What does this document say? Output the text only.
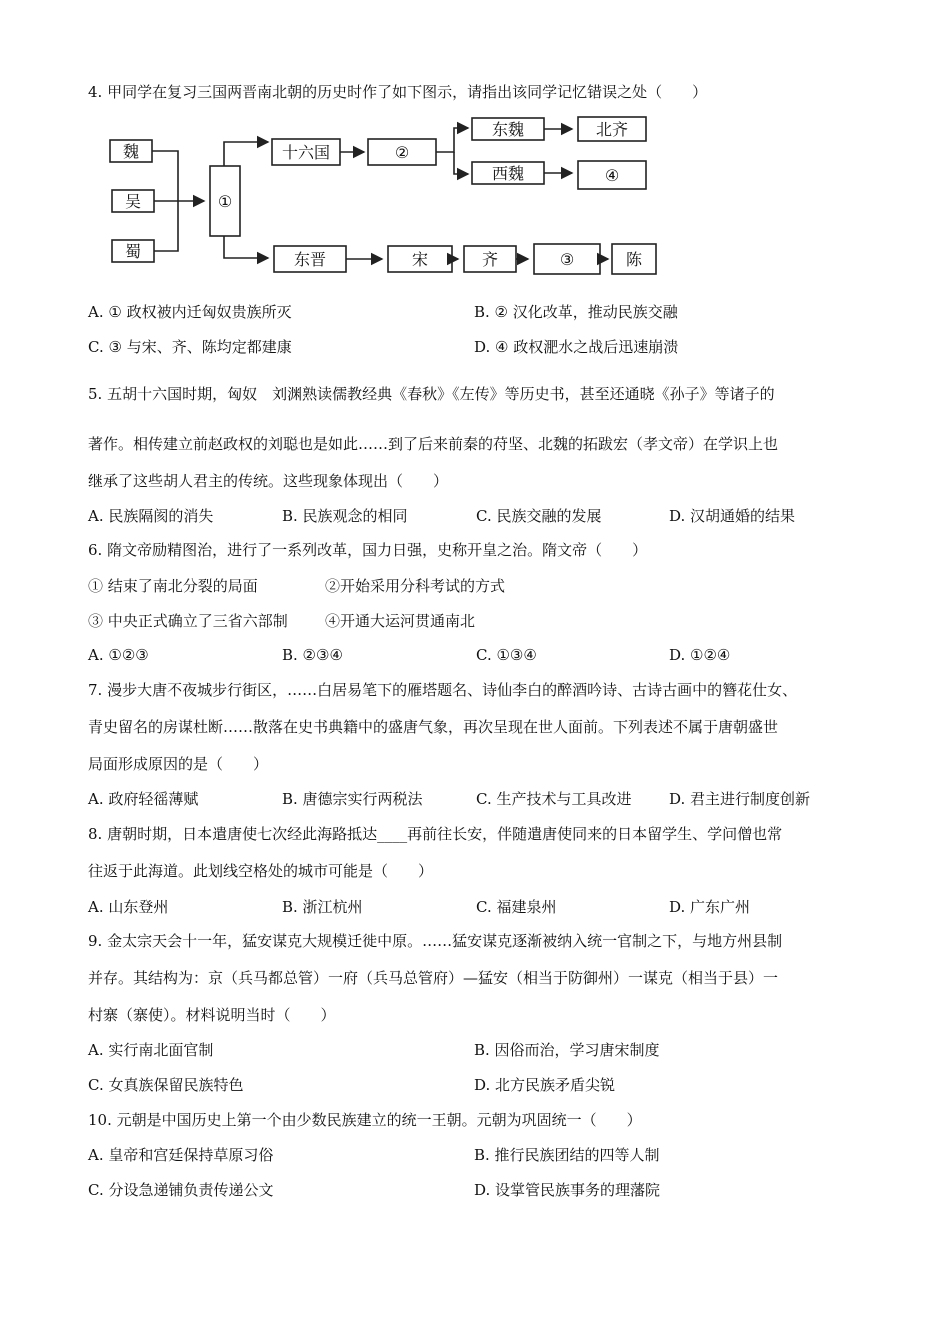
4. 甲同学在复习三国两晋南北朝的历史时作了如下图示，请指出该同学记忆错误之处（　　）
魏
吴
蜀
①
十六国	②
东魏	北齐
西魏	④
东晋	宋	齐	③	陈
A. ① 政权被内迁匈奴贵族所灭	B. ② 汉化改革，推动民族交融
C. ③ 与宋、齐、陈均定都建康	D. ④ 政权淝水之战后迅速崩溃
5. 五胡十六国时期，匈奴　刘渊熟读儒教经典《春秋》《左传》等历史书，甚至还通晓《孙子》等诸子的
著作。相传建立前赵政权的刘聪也是如此……到了后来前秦的苻坚、北魏的拓跋宏（孝文帝）在学识上也
继承了这些胡人君主的传统。这些现象体现出（　　）
A. 民族隔阂的消失	B. 民族观念的相同	C. 民族交融的发展	D. 汉胡通婚的结果
6. 隋文帝励精图治，进行了一系列改革，国力日强，史称开皇之治。隋文帝（　　）
① 结束了南北分裂的局面	②开始采用分科考试的方式
③ 中央正式确立了三省六部制 ④开通大运河贯通南北
A. ①②③	B. ②③④	C. ①③④	D. ①②④
7. 漫步大唐不夜城步行街区，……白居易笔下的雁塔题名、诗仙李白的醉酒吟诗、古诗古画中的簪花仕女、
青史留名的房谋杜断……散落在史书典籍中的盛唐气象，再次呈现在世人面前。下列表述不属于唐朝盛世
局面形成原因的是（　　）
A. 政府轻徭薄赋	B. 唐德宗实行两税法	C. 生产技术与工具改进	D. 君主进行制度创新
8. 唐朝时期，日本遣唐使七次经此海路抵达____再前往长安，伴随遣唐使同来的日本留学生、学问僧也常
往返于此海道。此划线空格处的城市可能是（　　）
A. 山东登州	B. 浙江杭州	C. 福建泉州	D. 广东广州
9. 金太宗天会十一年，猛安谋克大规模迁徙中原。……猛安谋克逐渐被纳入统一官制之下，与地方州县制
并存。其结构为：京（兵马都总管）一府（兵马总管府）—猛安（相当于防御州）一谋克（相当于县）一
村寨（寨使）。材料说明当时（　　）
A. 实行南北面官制	B. 因俗而治，学习唐宋制度
C. 女真族保留民族特色	D. 北方民族矛盾尖锐
10. 元朝是中国历史上第一个由少数民族建立的统一王朝。元朝为巩固统一（　　）
A. 皇帝和宫廷保持草原习俗	B. 推行民族团结的四等人制
C. 分设急递铺负责传递公文	D. 设掌管民族事务的理藩院
